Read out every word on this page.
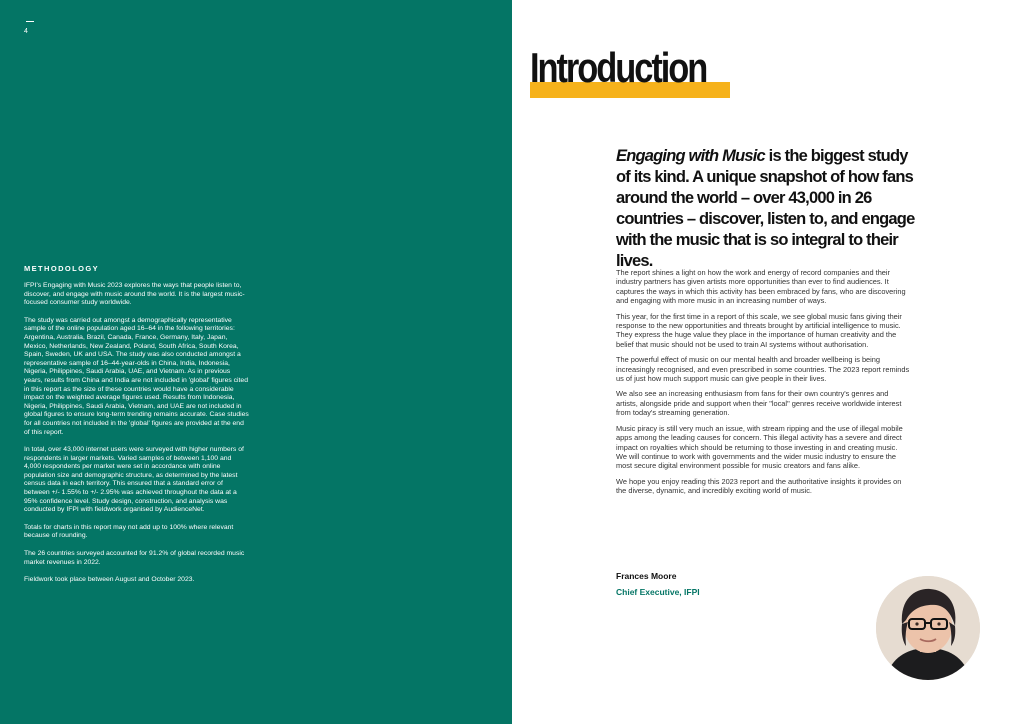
4
METHODOLOGY

IFPI's Engaging with Music 2023 explores the ways that people listen to, discover, and engage with music around the world. It is the largest music-focused consumer study worldwide.

The study was carried out amongst a demographically representative sample of the online population aged 16–64 in the following territories: Argentina, Australia, Brazil, Canada, France, Germany, Italy, Japan, Mexico, Netherlands, New Zealand, Poland, South Africa, South Korea, Spain, Sweden, UK and USA. The study was also conducted amongst a representative sample of 16–44-year-olds in China, India, Indonesia, Nigeria, Philippines, Saudi Arabia, UAE, and Vietnam. As in previous years, results from China and India are not included in 'global' figures cited in this report as the size of these countries would have a considerable impact on the weighted average figures used. Results from Indonesia, Nigeria, Philippines, Saudi Arabia, Vietnam, and UAE are not included in global figures to ensure long-term trending remains accurate. Case studies for all countries not included in the 'global' figures are provided at the end of this report.

In total, over 43,000 internet users were surveyed with higher numbers of respondents in larger markets. Varied samples of between 1,100 and 4,000 respondents per market were set in accordance with online population size and demographic structure, as determined by the latest census data in each territory. This ensured that a standard error of between +/- 1.55% to +/- 2.95% was achieved throughout the data at a 95% confidence level. Study design, construction, and analysis was conducted by IFPI with fieldwork organised by AudienceNet.

Totals for charts in this report may not add up to 100% where relevant because of rounding.

The 26 countries surveyed accounted for 91.2% of global recorded music market revenues in 2022.

Fieldwork took place between August and October 2023.

Introduction

Engaging with Music is the biggest study of its kind. A unique snapshot of how fans around the world – over 43,000 in 26 countries – discover, listen to, and engage with the music that is so integral to their lives.

The report shines a light on how the work and energy of record companies and their industry partners has given artists more opportunities than ever to find audiences. It captures the ways in which this activity has been embraced by fans, who are discovering and engaging with more music in an increasing number of ways.

This year, for the first time in a report of this scale, we see global music fans giving their response to the new opportunities and threats brought by artificial intelligence to music. They express the huge value they place in the importance of human creativity and the belief that music should not be used to train AI systems without authorisation.

The powerful effect of music on our mental health and broader wellbeing is being increasingly recognised, and even prescribed in some countries. The 2023 report reminds us of just how much support music can give people in their lives.

We also see an increasing enthusiasm from fans for their own country's genres and artists, alongside pride and support when their "local" genres receive worldwide interest from today's streaming generation.

Music piracy is still very much an issue, with stream ripping and the use of illegal mobile apps among the leading causes for concern. This illegal activity has a severe and direct impact on royalties which should be returning to those investing in and creating music. We will continue to work with governments and the wider music industry to ensure the most secure digital environment possible for music creators and fans alike.

We hope you enjoy reading this 2023 report and the authoritative insights it provides on the diverse, dynamic, and incredibly exciting world of music.

Frances Moore

Chief Executive, IFPI
